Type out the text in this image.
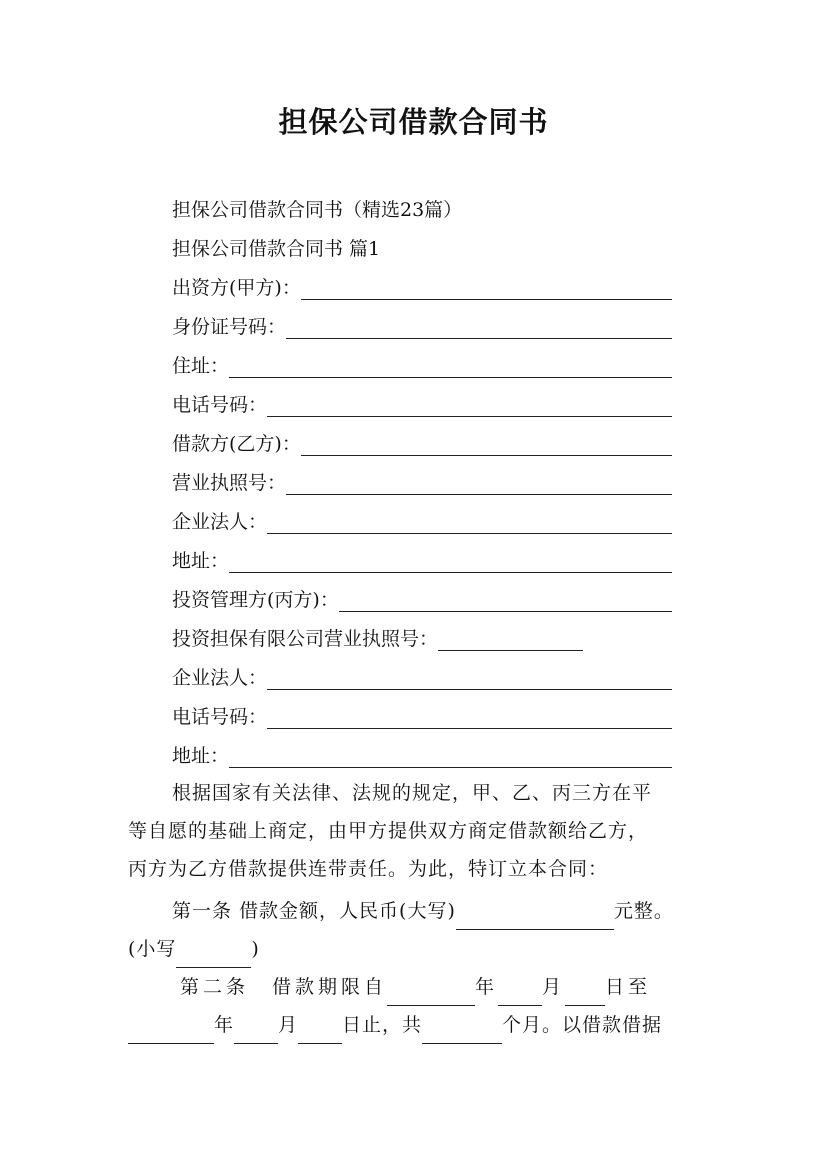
担保公司借款合同书
担保公司借款合同书（精选23篇）
担保公司借款合同书 篇1
出资方(甲方)：
身份证号码：
住址：
电话号码：
借款方(乙方)：
营业执照号：
企业法人：
地址：
投资管理方(丙方)：
投资担保有限公司营业执照号：
企业法人：
电话号码：
地址：
根据国家有关法律、法规的规定，甲、乙、丙三方在平
等自愿的基础上商定，由甲方提供双方商定借款额给乙方，
丙方为乙方借款提供连带责任。为此，特订立本合同：
第一条 借款金额，人民币(大写)	元整。
(小写	)
第二条　借款期限自	年 月 日至
年 月 日止，共	个月。以借款借据
